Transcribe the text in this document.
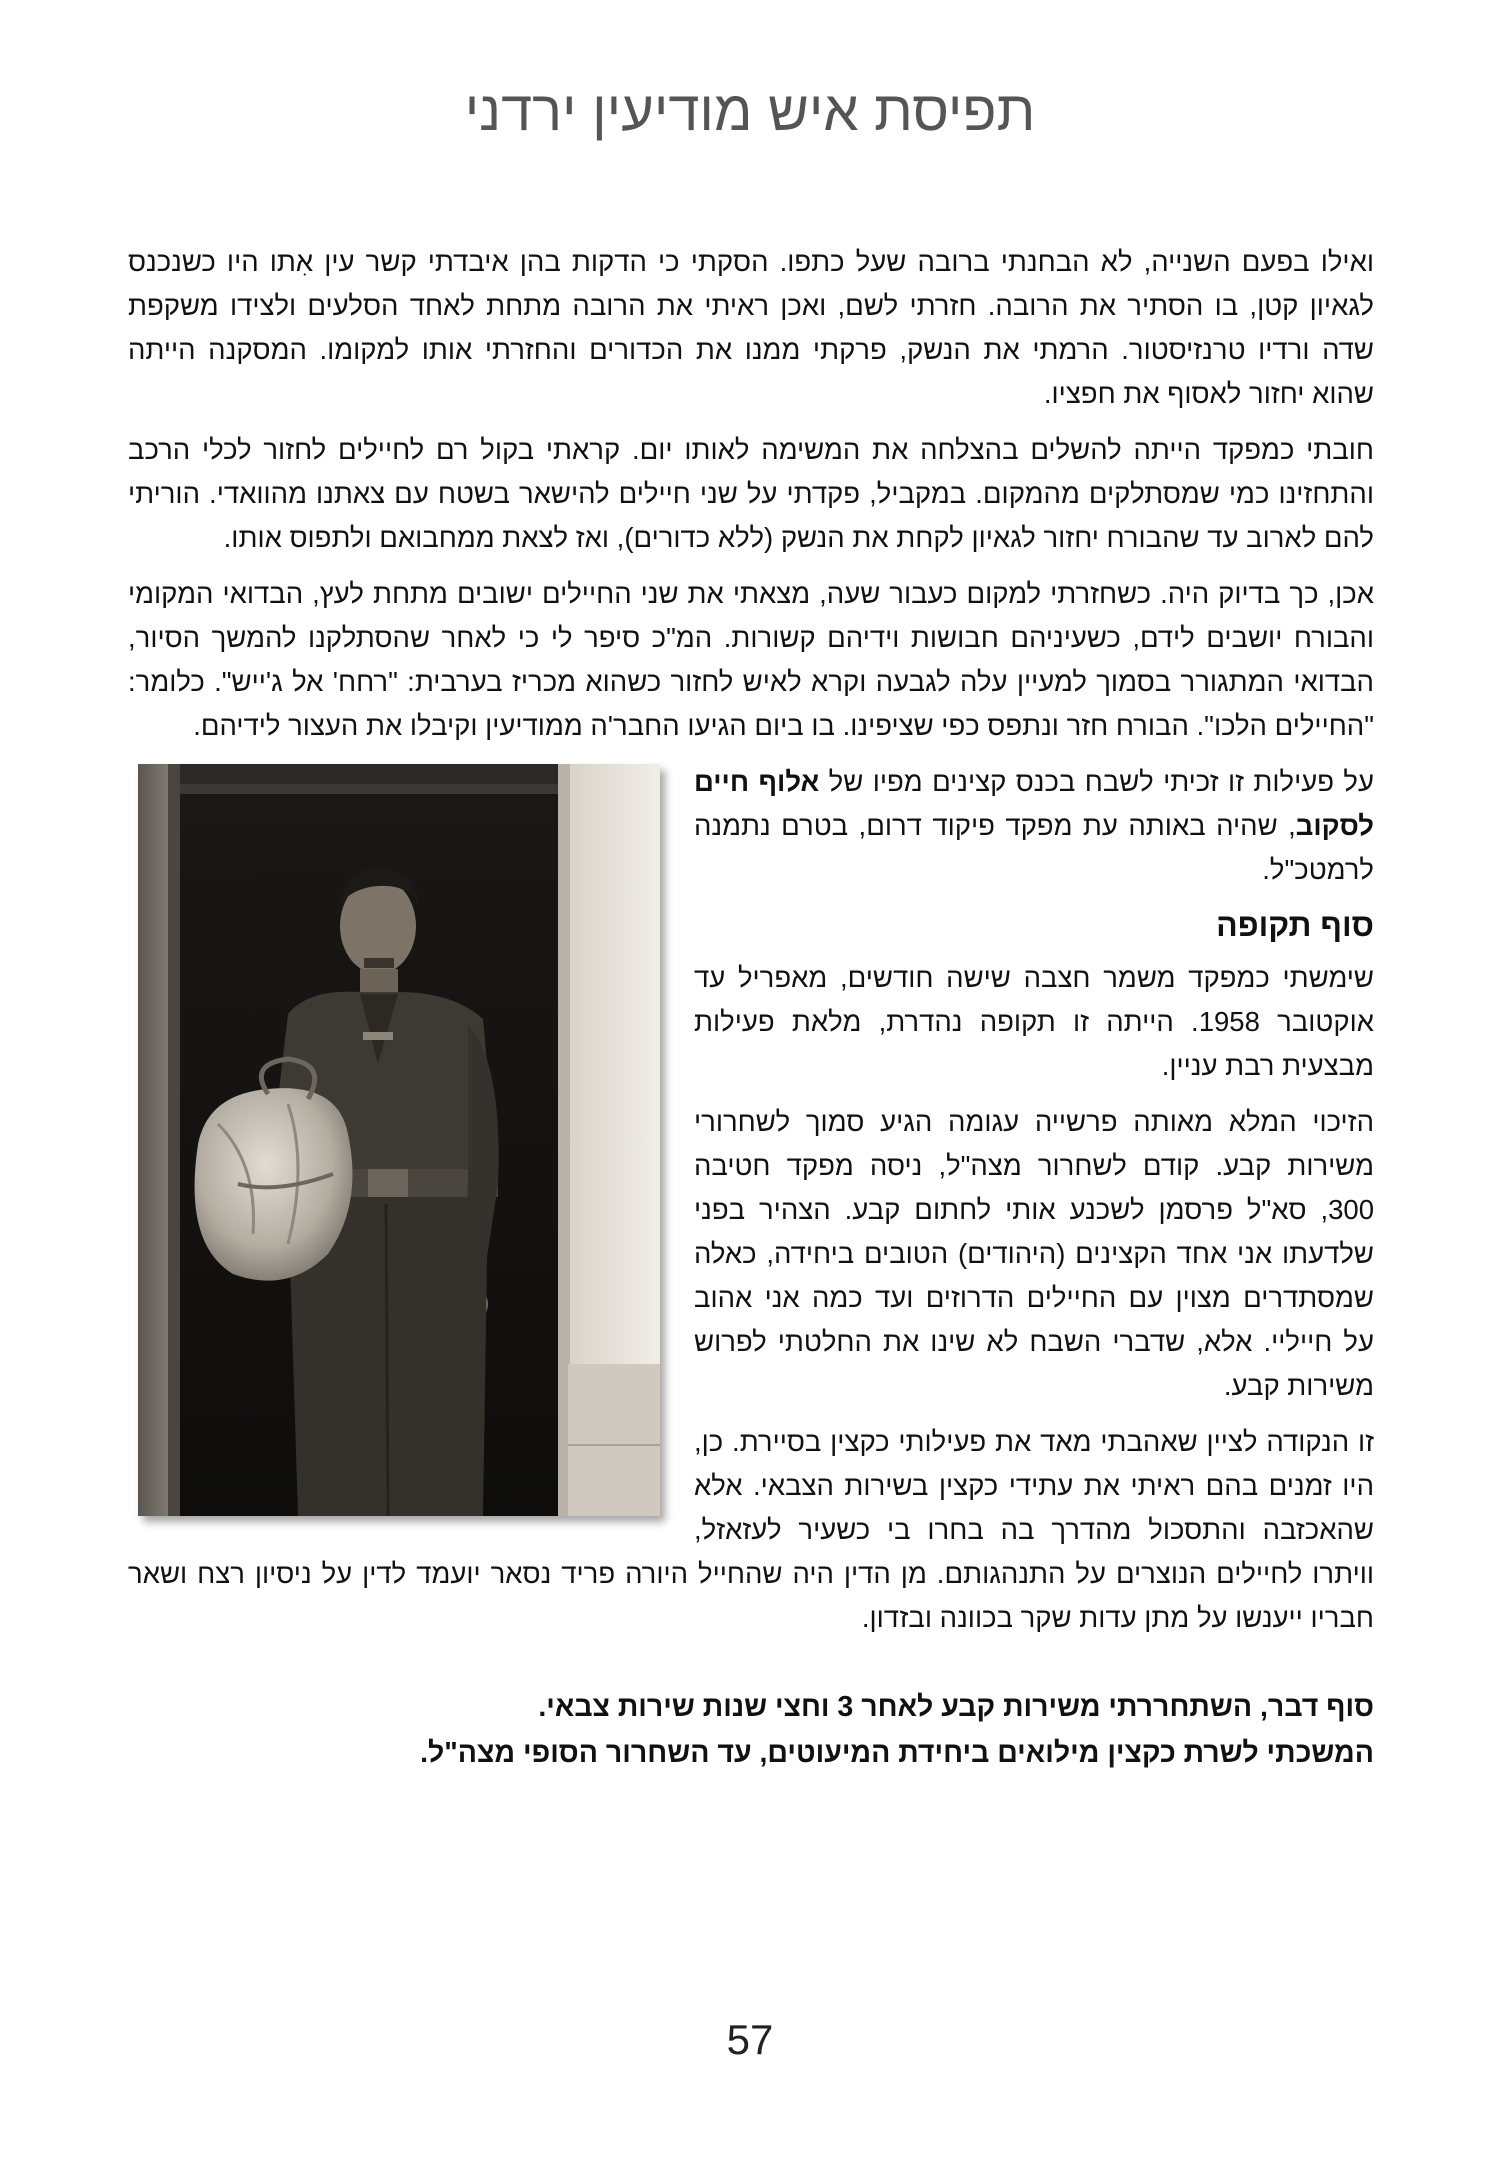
תפיסת איש מודיעין ירדני

ואילו בפעם השנייה, לא הבחנתי ברובה שעל כתפו. הסקתי כי הדקות בהן איבדתי קשר עין אִתו היו כשנכנס לגאיון קטן, בו הסתיר את הרובה. חזרתי לשם, ואכן ראיתי את הרובה מתחת לאחד הסלעים ולצידו משקפת שדה ורדיו טרנזיסטור. הרמתי את הנשק, פרקתי ממנו את הכדורים והחזרתי אותו למקומו. המסקנה הייתה שהוא יחזור לאסוף את חפציו.

חובתי כמפקד הייתה להשלים בהצלחה את המשימה לאותו יום. קראתי בקול רם לחיילים לחזור לכלי הרכב והתחזינו כמי שמסתלקים מהמקום. במקביל, פקדתי על שני חיילים להישאר בשטח עם צאתנו מהוואדי. הוריתי להם לארוב עד שהבורח יחזור לגאיון לקחת את הנשק (ללא כדורים), ואז לצאת ממחבואם ולתפוס אותו.

אכן, כך בדיוק היה. כשחזרתי למקום כעבור שעה, מצאתי את שני החיילים ישובים מתחת לעץ, הבדואי המקומי והבורח יושבים לידם, כשעיניהם חבושות וידיהם קשורות. המ"כ סיפר לי כי לאחר שהסתלקנו להמשך הסיור, הבדואי המתגורר בסמוך למעיין עלה לגבעה וקרא לאיש לחזור כשהוא מכריז בערבית: "רחח' אל ג'ייש". כלומר: "החיילים הלכו". הבורח חזר ונתפס כפי שציפינו. בו ביום הגיעו החבר'ה ממודיעין וקיבלו את העצור לידיהם.

על פעילות זו זכיתי לשבח בכנס קצינים מפיו של אלוף חיים לסקוב, שהיה באותה עת מפקד פיקוד דרום, בטרם נתמנה לרמטכ"ל.

סוף תקופה

שימשתי כמפקד משמר חצבה שישה חודשים, מאפריל עד אוקטובר 1958. הייתה זו תקופה נהדרת, מלאת פעילות מבצעית רבת עניין.

הזיכוי המלא מאותה פרשייה עגומה הגיע סמוך לשחרורי משירות קבע. קודם לשחרור מצה"ל, ניסה מפקד חטיבה 300, סא"ל פרסמן לשכנע אותי לחתום קבע. הצהיר בפני שלדעתו אני אחד הקצינים (היהודים) הטובים ביחידה, כאלה שמסתדרים מצוין עם החיילים הדרוזים ועד כמה אני אהוב על חייליי. אלא, שדברי השבח לא שינו את החלטתי לפרוש משירות קבע.

זו הנקודה לציין שאהבתי מאד את פעילותי כקצין בסיירת. כן, היו זמנים בהם ראיתי את עתידי כקצין בשירות הצבאי. אלא שהאכזבה והתסכול מהדרך בה בחרו בי כשעיר לעזאזל, וויתרו לחיילים הנוצרים על התנהגותם. מן הדין היה שהחייל היורה פריד נסאר יועמד לדין על ניסיון רצח ושאר חבריו ייענשו על מתן עדות שקר בכוונה ובזדון.

סוף דבר, השתחררתי משירות קבע לאחר 3 וחצי שנות שירות צבאי.
המשכתי לשרת כקצין מילואים ביחידת המיעוטים, עד השחרור הסופי מצה"ל.

57
